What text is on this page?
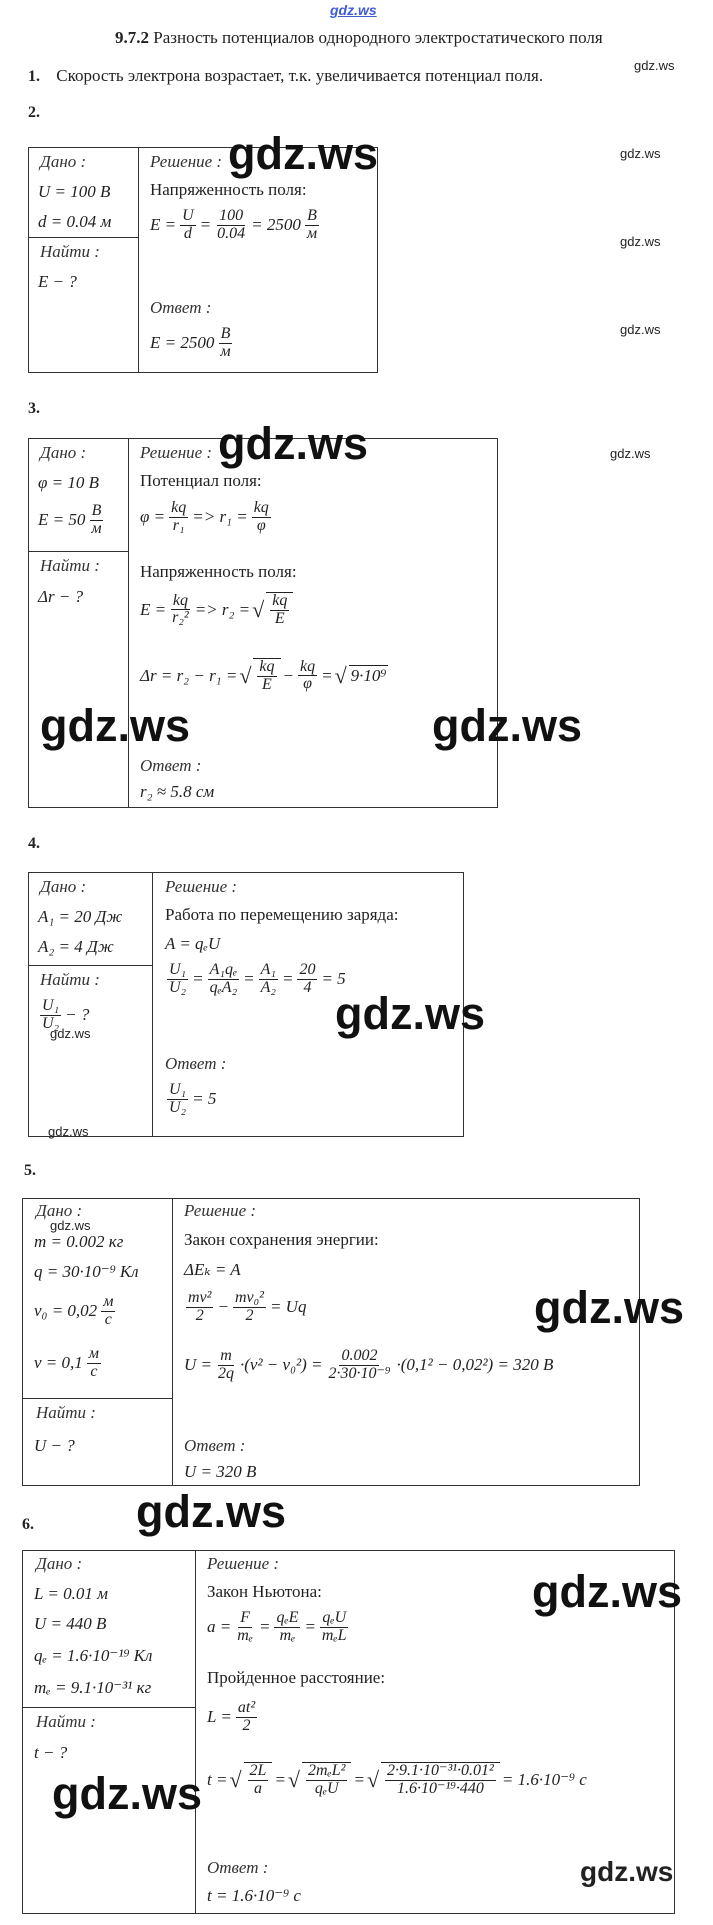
gdz.ws
9.7.2 Разность потенциалов однородного электростатического поля
gdz.ws
1. Скорость электрона возрастает, т.к. увеличивается потенциал поля.
2.
Дано :
U = 100 В
d = 0.04 м
Найти :
E − ?
Решение :
Напряженность поля:
$E = \frac{U}{d} = \frac{100}{0.04} = 2500 \frac{В}{м}$
Ответ :
$E = 2500 \frac{В}{м}$
gdz.ws	gdz.ws
gdz.ws
gdz.ws
3.
Дано :
φ = 10 В
$E = 50 \frac{В}{м}$
Найти :
Δr − ?
Решение :
Потенциал поля:
$\varphi = \frac{kq}{\text{r₁}} => r_1 = \frac{kq}{\varphi}$
Напряженность поля:
$E = \frac{kq}{\text{r₂²}} => r_2$ = √ $\frac{kq}{E}$
Δr = r₂ − r₁ = √ $\frac{kq}{E} - \frac{kq}{\varphi}$ = √ 9·10⁹
Ответ :
r₂ ≈ 5.8 см
gdz.ws	gdz.ws
gdz.ws	gdz.ws
4.
Дано :
A₁ = 20 Дж
A₂ = 4 Дж
Найти :
$\frac{\text{U₁}}{\text{U₂}}$ − ?
gdz.ws
gdz.ws
Решение :
Работа по перемещению заряда:
A = qₑU
$\frac{\text{U₁}}{\text{U₂}} = \frac{\text{A₁qₑ}}{\text{qₑA₂}} = \frac{\text{A₁}}{\text{A₂}} = \frac{20}{4} = 5$
Ответ :
$\frac{\text{U₁}}{\text{U₂}} = 5$
gdz.ws
5.
Дано :
gdz.ws
m = 0.002 кг
q = 30·10⁻⁹ Кл
$v_0 = 0,02 \frac{м}{с}$
$v = 0,1 \frac{м}{с}$
Найти :
U − ?
Решение :
Закон сохранения энергии:
ΔEₖ = A
$\frac{\text{mv²}}{2} - \frac{\text{mv₀²}}{2} = Uq$
$U = \frac{m}{2q} \cdot(v^2 - v_0^2) = \frac{0.002}{\text{2·30·10⁻⁹}} \cdot(0,1^2 - 0,02^2) = 320$ В
Ответ :
U = 320 В
gdz.ws
gdz.ws
6.
Дано :
L = 0.01 м
U = 440 В
qₑ = 1.6·10⁻¹⁹ Кл
mₑ = 9.1·10⁻³¹ кг
Найти :
t − ?
Решение :
Закон Ньютона:
$a = \frac{F}{\text{mₑ}} = \frac{\text{qₑE}}{\text{mₑ}} = \frac{\text{qₑU}}{\text{mₑL}}$
Пройденное расстояние:
$L = \frac{\text{at²}}{2}$
t = √ $\frac{2L}{a}$ = √ $\frac{\text{2mₑL²}}{\text{qₑU}}$ = √ $\frac{\text{2·9.1·10⁻³¹·0.01²}}{\text{1.6·10⁻¹⁹·440}} = 1.6\cdot 10^{-9}$ с
Ответ :
t = 1.6·10⁻⁹ с
gdz.ws
gdz.ws
gdz.ws
